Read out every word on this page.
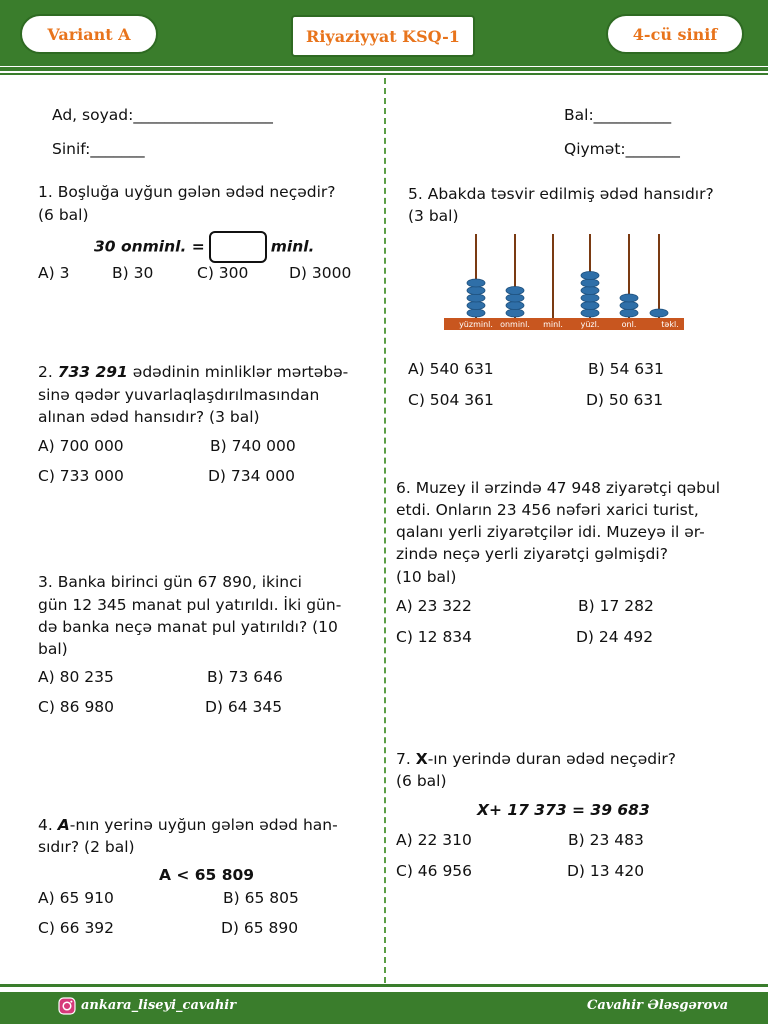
Variant A	Riyaziyyat KSQ-1	4-cü sinif
Ad, soyad:__________________
Sinif:_______
Bal:__________
Qiymət:_______
1. Boşluğa uyğun gələn ədəd neçədir?
(6 bal)
30 onminl. =	minl.
A) 3	B) 30	C) 300	D) 3000
2. 733 291 ədədinin minliklər mərtəbə-
sinə qədər yuvarlaqlaşdırılmasından
alınan ədəd hansıdır? (3 bal)
A) 700 000	B) 740 000
C) 733 000	D) 734 000
3. Banka birinci gün 67 890, ikinci
gün 12 345 manat pul yatırıldı. İki gün-
də banka neçə manat pul yatırıldı? (10
bal)
A) 80 235	B) 73 646
C) 86 980	D) 64 345
4. A-nın yerinə uyğun gələn ədəd han-
sıdır? (2 bal)
A < 65 809
A) 65 910	B) 65 805
C) 66 392	D) 65 890
5. Abakda təsvir edilmiş ədəd hansıdır?
(3 bal)
yüzminl. onminl. minl. yüzl.	onl.	təkl.
A) 540 631	B) 54 631
C) 504 361	D) 50 631
6. Muzey il ərzində 47 948 ziyarətçi qəbul
etdi. Onların 23 456 nəfəri xarici turist,
qalanı yerli ziyarətçilər idi. Muzeyə il ər-
zində neçə yerli ziyarətçi gəlmişdi?
(10 bal)
A) 23 322	B) 17 282
C) 12 834	D) 24 492
7. X-ın yerində duran ədəd neçədir?
(6 bal)
X+ 17 373 = 39 683
A) 22 310	B) 23 483
C) 46 956	D) 13 420
ankara_liseyi_cavahir	Cavahir Ələsgərova
